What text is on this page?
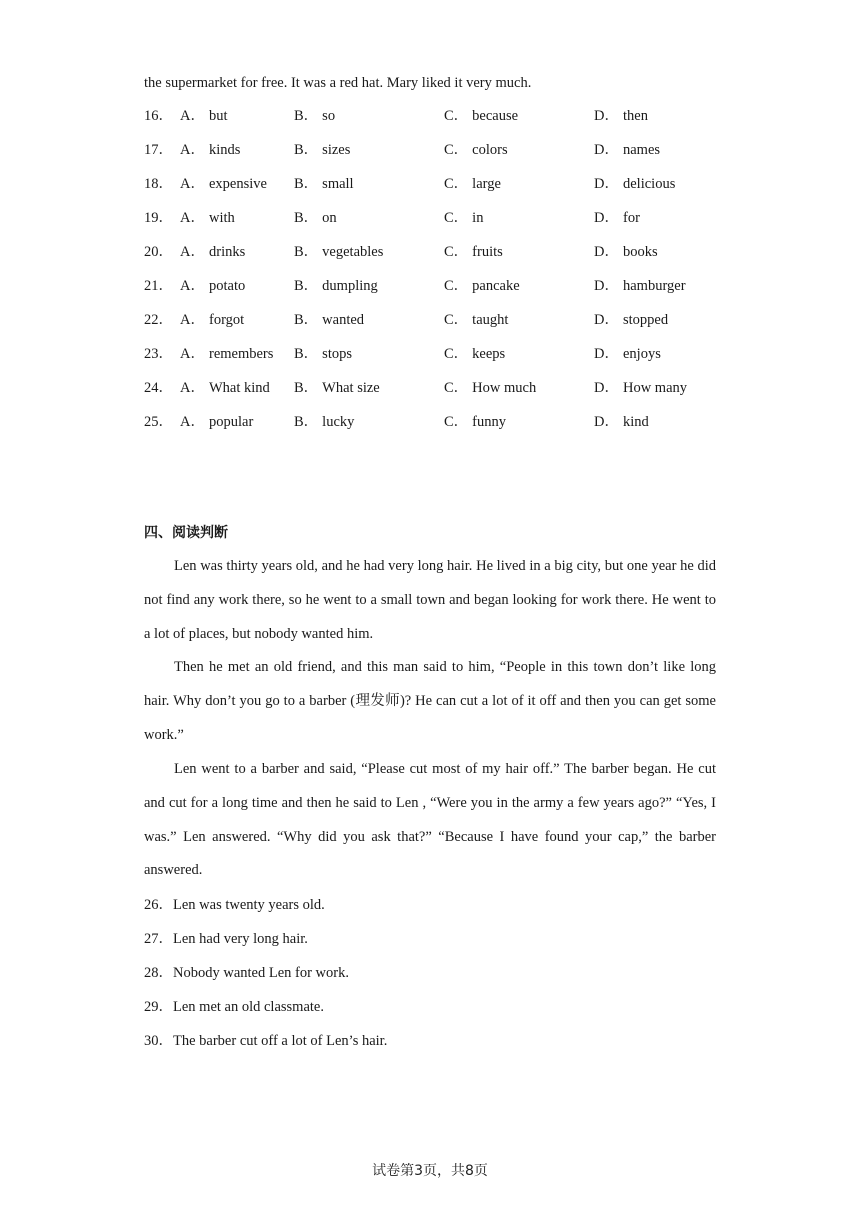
the supermarket for free. It was a red hat. Mary liked it very much.
16． A． but	B． so	C． because	D． then
17． A． kinds	B． sizes	C． colors	D． names
18． A． expensive B． small	C． large	D． delicious
19． A． with	B． on	C． in	D． for
20． A． drinks	B． vegetables	C． fruits	D． books
21． A． potato	B． dumpling	C． pancake	D． hamburger
22． A． forgot	B． wanted	C． taught	D． stopped
23． A． remembers B． stops	C． keeps	D． enjoys
24． A． What kind B． What size	C． How much	D． How many
25． A． popular	B． lucky	C． funny	D． kind
四、阅读判断
Len was thirty years old, and he had very long hair. He lived in a big city, but one year he did not find any work there, so he went to a small town and began looking for work there. He went to a lot of places, but nobody wanted him.
Then he met an old friend, and this man said to him, “People in this town don’t like long hair. Why don’t you go to a barber (理发师)? He can cut a lot of it off and then you can get some work.”
Len went to a barber and said, “Please cut most of my hair off.” The barber began. He cut and cut for a long time and then he said to Len , “Were you in the army a few years ago?” “Yes, I was.” Len answered. “Why did you ask that?” “Because I have found your cap,” the barber answered.
26．Len was twenty years old.
27．Len had very long hair.
28．Nobody wanted Len for work.
29．Len met an old classmate.
30．The barber cut off a lot of Len’s hair.
试卷第3页，共8页
